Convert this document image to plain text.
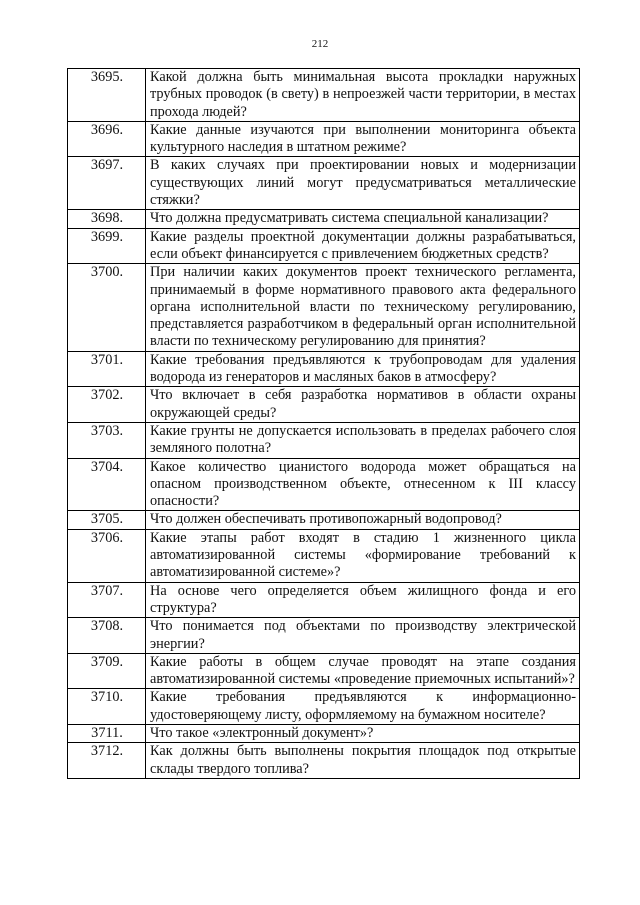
212
3695.	Какой должна быть минимальная высота прокладки наружных трубных проводок (в свету) в непроезжей части территории, в местах прохода людей?
3696.	Какие данные изучаются при выполнении мониторинга объекта культурного наследия в штатном режиме?
3697.	В каких случаях при проектировании новых и модернизации существующих линий могут предусматриваться металлические стяжки?
3698.	Что должна предусматривать система специальной канализации?
3699.	Какие разделы проектной документации должны разрабатываться, если объект финансируется с привлечением бюджетных средств?
3700.	При наличии каких документов проект технического регламента, принимаемый в форме нормативного правового акта федерального органа исполнительной власти по техническому регулированию, представляется разработчиком в федеральный орган исполнительной власти по техническому регулированию для принятия?
3701.	Какие требования предъявляются к трубопроводам для удаления водорода из генераторов и масляных баков в атмосферу?
3702.	Что включает в себя разработка нормативов в области охраны окружающей среды?
3703.	Какие грунты не допускается использовать в пределах рабочего слоя земляного полотна?
3704.	Какое количество цианистого водорода может обращаться на опасном производственном объекте, отнесенном к III классу опасности?
3705.	Что должен обеспечивать противопожарный водопровод?
3706.	Какие этапы работ входят в стадию 1 жизненного цикла автоматизированной системы «формирование требований к автоматизированной системе»?
3707.	На основе чего определяется объем жилищного фонда и его структура?
3708.	Что понимается под объектами по производству электрической энергии?
3709.	Какие работы в общем случае проводят на этапе создания автоматизированной системы «проведение приемочных испытаний»?
3710.	Какие требования предъявляются к информационно-удостоверяющему листу, оформляемому на бумажном носителе?
3711.	Что такое «электронный документ»?
3712.	Как должны быть выполнены покрытия площадок под открытые склады твердого топлива?
